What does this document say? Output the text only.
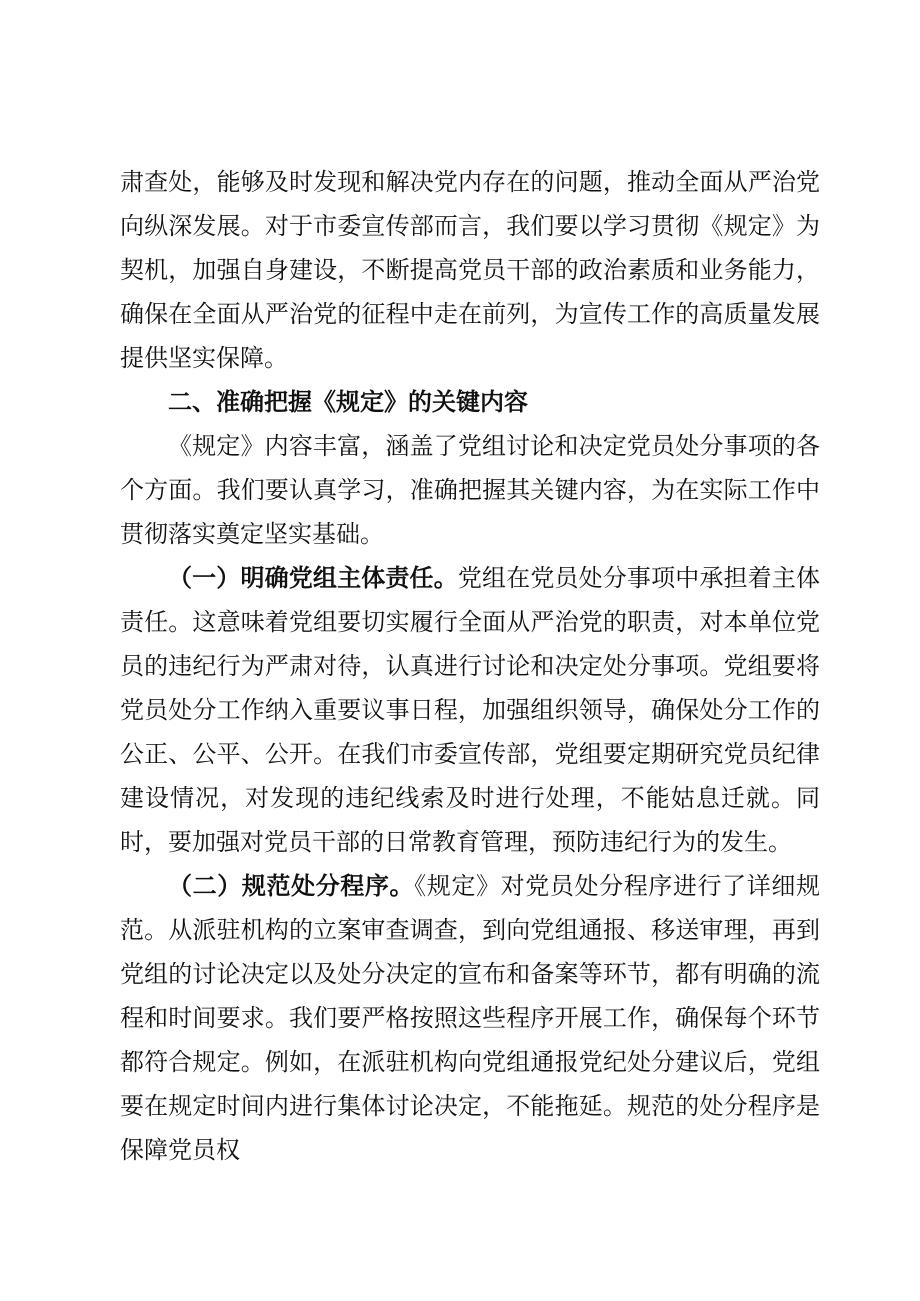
肃查处，能够及时发现和解决党内存在的问题，推动全面从严治党向纵深发展。对于市委宣传部而言，我们要以学习贯彻《规定》为契机，加强自身建设，不断提高党员干部的政治素质和业务能力，确保在全面从严治党的征程中走在前列，为宣传工作的高质量发展提供坚实保障。

二、准确把握《规定》的关键内容

《规定》内容丰富，涵盖了党组讨论和决定党员处分事项的各个方面。我们要认真学习，准确把握其关键内容，为在实际工作中贯彻落实奠定坚实基础。

（一）明确党组主体责任。党组在党员处分事项中承担着主体责任。这意味着党组要切实履行全面从严治党的职责，对本单位党员的违纪行为严肃对待，认真进行讨论和决定处分事项。党组要将党员处分工作纳入重要议事日程，加强组织领导，确保处分工作的公正、公平、公开。在我们市委宣传部，党组要定期研究党员纪律建设情况，对发现的违纪线索及时进行处理，不能姑息迁就。同时，要加强对党员干部的日常教育管理，预防违纪行为的发生。

（二）规范处分程序。《规定》对党员处分程序进行了详细规范。从派驻机构的立案审查调查，到向党组通报、移送审理，再到党组的讨论决定以及处分决定的宣布和备案等环节，都有明确的流程和时间要求。我们要严格按照这些程序开展工作，确保每个环节都符合规定。例如，在派驻机构向党组通报党纪处分建议后，党组要在规定时间内进行集体讨论决定，不能拖延。规范的处分程序是保障党员权
